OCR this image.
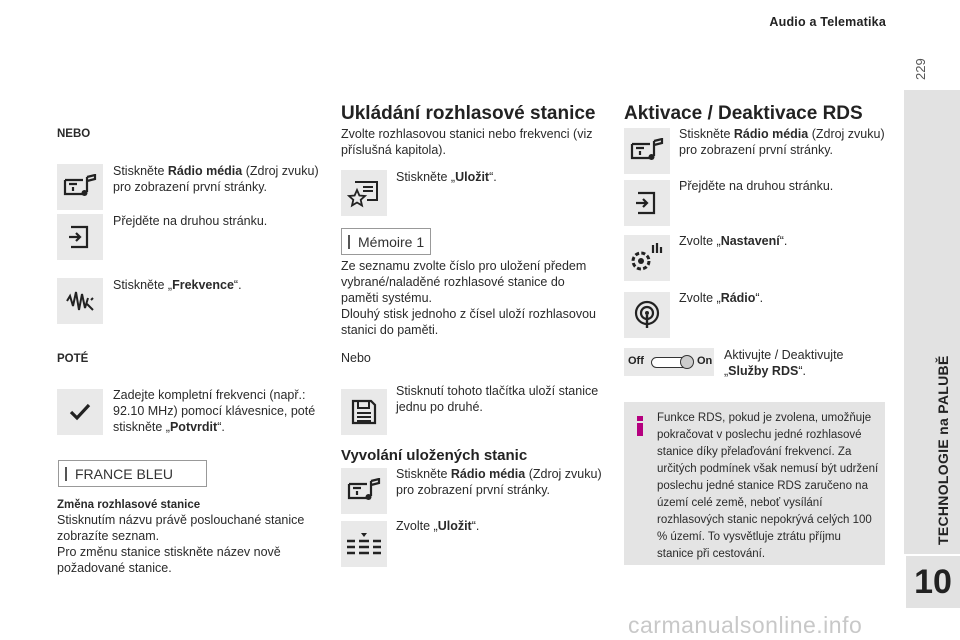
Audio a Telematika
229
TECHNOLOGIE na PALUBĚ
10
NEBO
Stiskněte Rádio média (Zdroj zvuku) pro zobrazení první stránky.
Přejděte na druhou stránku.
Stiskněte „Frekvence“.
POTÉ
Zadejte kompletní frekvenci (např.: 92.10 MHz) pomocí klávesnice, poté stiskněte „Potvrdit“.
FRANCE BLEU
Změna rozhlasové stanice
Stisknutím názvu právě poslouchané stanice zobrazíte seznam.
Pro změnu stanice stiskněte název nově požadované stanice.
Ukládání rozhlasové stanice
Zvolte rozhlasovou stanici nebo frekvenci (viz příslušná kapitola).
Stiskněte „Uložit“.
Mémoire 1
Ze seznamu zvolte číslo pro uložení předem vybrané/naladěné rozhlasové stanice do paměti systému.
Dlouhý stisk jednoho z čísel uloží rozhlasovou stanici do paměti.
Nebo
Stisknutí tohoto tlačítka uloží stanice jednu po druhé.
Vyvolání uložených stanic
Stiskněte Rádio média (Zdroj zvuku) pro zobrazení první stránky.
Zvolte „Uložit“.
Aktivace / Deaktivace RDS
Stiskněte Rádio média (Zdroj zvuku) pro zobrazení první stránky.
Přejděte na druhou stránku.
Zvolte „Nastavení“.
Zvolte „Rádio“.
Off	On Aktivujte / Deaktivujte „Služby RDS“.
Funkce RDS, pokud je zvolena, umožňuje pokračovat v poslechu jedné rozhlasové stanice díky přelaďování frekvencí. Za určitých podmínek však nemusí být udržení poslechu jedné stanice RDS zaručeno na území celé země, neboť vysílání rozhlasových stanic nepokrývá celých 100 % území. To vysvětluje ztrátu příjmu stanice při cestování.
carmanualsonline.info
